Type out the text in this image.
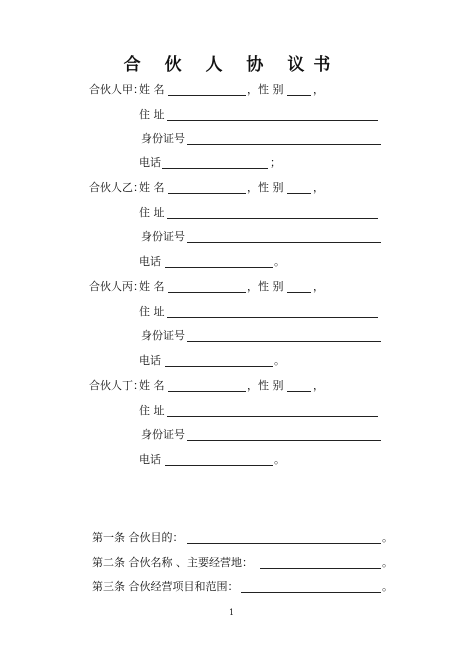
合 伙 人 协 议书
合伙人甲：
姓 名	，性 别	，
住 址
身份证号
电话	；
合伙人乙：
姓 名	，性 别	，
住 址
身份证号
电话	。
合伙人丙：
姓 名	，性 别	，
住 址
身份证号
电话	。
合伙人丁：
姓 名	，性 别	，
住 址
身份证号
电话	。
第一条 合伙目的：	。
第二条 合伙名称 、主要经营地：	。
第三条 合伙经营项目和范围：	。
1
